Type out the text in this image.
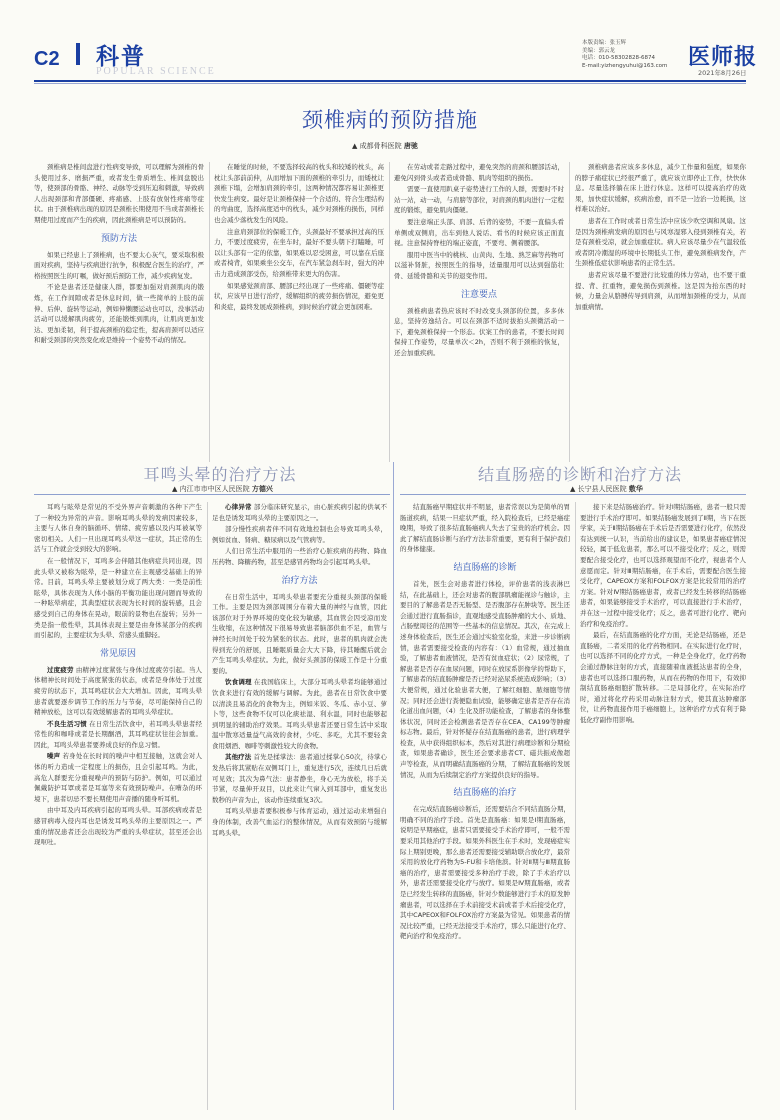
C2 科普
POPULAR SCIENCE
本版责编：张玉辉
美编：郭云龙
电话：010-58302828-6874
E-mail:yizhengyuhui@163.com 医师报
2021年8月26日
颈椎病的预防措施
▲ 成都骨科医院 唐驰

颈椎病是椎间盘进行性病变导致，可以理解为颈椎的骨头使用过多、磨损严重，或者发生骨质增生、椎间盘脱出等，使颈部的骨骼、神经、动脉等受到压迫和刺激，导致病人出现颈部和背部僵硬、疼痛感、上肢有放射性疼痛等症状。由于颈椎病出现的原因是颈椎长期使用不当或者颈椎长期使用过度而产生的疾病，因此颈椎病是可以预防的。

预防方法

如果已经患上了颈椎病，也不要太心灰气，要采取积极面对疾病，坚持与疾病进行抗争，积极配合医生的治疗，严格按照医生的叮嘱，做好预后预防工作，减少疾病复发。

不论是患者还是健康人群，都要加强对肩颈肌肉的锻炼，在工作间隙或者是休息时间，做一些简单的上肢的前伸、后伸、旋转等运动，例如伸懒腰运动也可以，没事活动活动可以缓解肌肉疲劳，还能锻炼到肌肉，让肌肉更加发达、更加柔韧，利于提高颈椎的稳定性，提高肩颈可以适应和耐受颈部的突然变化或是维持一个姿势不动的情况。

在睡觉的时候，不要选择较高的枕头和较矮的枕头，高枕让头部前前伸，从而增加下面的颈椎的牵引力，而矮枕让颈椎下塌，会增加肩颈的牵引，这两种情况都容易让颈椎更快发生病变。最好是让颈椎保持一个合适的、符合生理结构的弯曲度，选择高度适中的枕头，减少对颈椎的损伤，同样也会减少落枕发生的风险。

注意肩颈部位的保暖工作，头颈最好不要承担过高的压力，不要过度疲劳，在坐车时，最好不要头朝下打瞌睡，可以让头部有一定的依靠，如果难以忍受困意，可以靠在后座或者椅背，如果乘坐公交车，在汽车紧急刹车时，强大的冲击力造成颈部受伤，给颈椎带来更大的伤害。

如果感觉颈肩部、腰部已经出现了一些疼痛、僵硬等症状，应该早日进行治疗，缓解组织的疲劳损伤情况，避免更和炎症，最终发展成颈椎病，到时候治疗就会更加困难。

在劳动或者走路过程中，避免突然的肩颈和腰部活动，避免闪到骨头或者造成骨骼、肌肉等组织的损伤。

需要一直使用趴桌子姿势进行工作的人群，需要时不时站一站，动一动，与肩膀等部位，对肩颈的肌肉进行一定程度的锻炼，避免肌肉僵硬。

要注意端正头部、肩部、后背的姿势，不要一直偏头看单侧或双侧肩，出车到他人说话、看书的时候应该正面直视。注意保持脊柱的端正姿直，不要弯、侧着腰部。

服用中医当中的桃核、山黄肉、生地、熟芝麻等药物可以滋补肾脏，按照医生的指导，适量服用可以达到强筋壮骨、延缓骨骼和关节的退变作用。

注意要点

颈椎病患者热应该时不时改变头颈部的位置，多多休息，坚持劳逸结合。可以在颈部不适时拔拍头颈微活动一下，避免颈椎保持一个形态。伏案工作的患者，不要长时间保持工作姿势，尽量单次＜2h，否则不利于颈椎的恢复，还会加重疾病。

颈椎病患者应该多多休息，减少工作量和强度，如果你的脖子痛症状已经很严重了，就应该立即停止工作，快快休息。尽量选择躺在床上进行休息。这样可以提高治疗的效果，加快症状缓解，疾病治愈，而不是一边治一边耗损，这样难以治好。

患者在工作时或者日常生活中应该少吹空调和风扇。这是因为颈椎病发病的原因也与风寒湿邪入侵到颈椎有关，若是有颈椎受凉，就会加重症状。病人应该尽量少在气温较低或者阴冷潮湿的环境中长期低头工作，避免颈椎病发作，产生颈椎低症状影响患者的正常生活。

患者应该尽量不要进行比较重的体力劳动，也不要干重提、背、扛重物，避免损伤到颈椎。这是因为抬东西的时候，力量会从胳膊传导到肩颈，从而增加颈椎的受力，从而加重病情。

耳鸣头晕的治疗方法
▲ 内江市市中区人民医院 方德兴

耳鸣与眩晕是常见的不受外界声音刺激的各种下产生了一种较为异常的声音。影响耳鸣头晕的发病因素较多，主要与人体自身的脑循环、情绪、疲劳感以及内耳被氧等密切相关。人们一旦出现耳鸣头晕这一症状，其正常的生活与工作就会受到较大的影响。

在一般情况下，耳鸣多会伴随其他病症共同出现，因此头晕又被称为眩晕，是一种建立在主观感受基础上的异常。目前，耳鸣头晕主要被划分成了两大类：一类是前性眩晕，具体表现为人体小脑的平衡功能出现问题而导致的一种眩晕病症，其典型症状表现为长时间的旋转感，且会感受到自己的身体在晃动，眼前的景物也在旋转；另外一类是指一般性晕，其具体表现主要是由身体某部分的疾病而引起的，主要症状为头晕、常感头重脚轻。

常见原因

过度疲劳 由精神过度紧张与身体过度疲劳引起。当人体精神长时间处于高度紧张的状态，或者是身体处于过度疲劳的状态下，其耳鸣症状会大大增加。因此，耳鸣头晕患者就要逐步调节工作的压力与节奏，尽可能保持自己的精神放松，这可以有效缓解患者的耳鸣头晕症状。

不良生活习惯 在日常生活饮食中，若耳鸣头晕患者经常性的和咖啡或者是长期酗酒，其耳鸣症状往往会加重。因此，耳鸣头晕患者要养成良好的作息习惯。

噪声 若身处在长时间的噪声中相互接触，这就会对人体的听力造成一定程度上的损伤，且会引起耳鸣。为此，高危人群要充分重视噪声的预防与防护。例如，可以通过佩戴防护耳罩或者是耳塞等来有效预防噪声。在嘈杂的环境下，患者切忌不要长期使用声音播的随身听耳机。

由中耳及内耳疾病引起的耳鸣头晕。耳部疾病或者是感冒病毒入侵内耳也是诱发耳鸣头晕的主要原因之一。严重的情况患者还会出现较为严重的头晕症状，甚至还会出现呕吐。

心律异常 部分临床研究显示，由心脏疾病引起的供氧不足也是诱发耳鸣头晕的主要原因之一。

部分慢性疾病者伴不同有效地控制也会导致耳鸣头晕，例如贫血、肾病、糖尿病以及气管病等。

人们日常生活中服用的一些治疗心脏疾病的药物、降血压药物、降糖药物，甚至是感冒药物均会引起耳鸣头晕。

治疗方法

在日常生活中，耳鸣头晕患者要充分重视头颈部的保暖工作。主要是因为颈部周围分布着大量的神经与血管，因此该部位对于外界环境的变化较为敏感，其血管会因受凉而发生收缩，在这种情况下很易导致患者脑部供血不足，血管与神经长时间处于较为紧张的状态。此时，患者的肌肉就会洗得到充分的舒展，且睡眠质量会大大下降，待其睡醒后就会产生耳鸣头晕症状。为此，做好头颈部的保暖工作是十分重要的。

饮食调理 在我国临床上，大部分耳鸣头晕者均能够通过饮食来进行有效的缓解与调解。为此，患者在日常饮食中要以清淡且易消化的食物为主，例如米饭、冬瓜、赤小豆、萝卜等，这些食物不仅可以化痰祛湿、利水温，同时也能够起到明显的辅助治疗效果。耳鸣头晕患者还要日常生活中采取温中散寒适量益气高效的食材，少吃、多吃，尤其不要轻贪食用烟酒、咖啡等刺激性较大的食物。

其他疗法 首先是揉掌法：患者通过揉掌心50次，待掌心发热后将其紧贴在双侧耳门上，重复进行5次，连续几日后就可见效；其次为鼻气法：患者静坐，身心无为放松，将手关节紧，尽量伸开双目，以此来让气窜入到耳部中，重复发出数秒的声音为止，该动作连续重复3次。

耳鸣头晕患者要积极参与体育运动，通过运动来增强自身的体制，改善气血运行的整体情况，从而有效预防与缓解耳鸣头晕。

结直肠癌的诊断和治疗方法
▲ 长宁县人民医院 敷华

结直肠癌早期症状并不明显，患者常误以为是简单的胃肠道疾病，结果一旦症状严重，经入院检查后，已经是癌症晚期，导致了很多结直肠癌病人失去了宝贵的治疗机会。因此了解结直肠诊断与治疗方法非常重要，更有利于保护我们的身体健康。

结直肠癌的诊断

首先，医生会对患者进行体检，评价患者的浅表淋巴结，在此基础上，还会对患者的腹部肌瘤能视诊与触诊，主要目的了解患者是否无肠型、是否腹部存在肿块等。医生还会通过进行直肠指诊，直观地感受直肠肿瘤的大小、质地、占肠壁周径的范围等一些基本的信息情况。其次，在完成上述身体检查后，医生还会通过实验室化验，来进一步诊断病情，患者需要接受检查的内容有：（1）血常规，通过抽血验，了解患者血液情况，是否有贫血症状；（2）尿常规，了解患者是否存在血尿问题，同时在放尿系影像学的帮助下，了解患者的结直肠肿瘤是否已经对泌尿系统造成影响；（3）大便常规，通过化验患者大便，了解红细胞、脓细胞等情况；同时还会进行粪便隐血试验，能够确定患者是否存在消化道出血问题，（4）生化及肝功能检查，了解患者的身体整体状况，同时还会检测患者是否存在CEA、CA199等肿瘤标志物。最后，针对怀疑存在结直肠癌的患者，进行病理学检查，从中获得组织标本，然后对其进行病理诊断和分期检查，如果患者确诊，医生还会要求患者CT、磁共振成像超声等检查，从而明确结直肠癌的分期，了解结直肠癌的发展情况，从而为后续制定治疗方案提供良好的指导。

结直肠癌的治疗

在完成结直肠癌诊断后，还需要结合不同结直肠分期，明确不同的治疗手段。首先是直肠癌：如果是Ⅰ期直肠癌，说明是早期癌症，患者只需要接受手术治疗即可，一般不需要采用其他治疗手段。如果外科医生在手术时，发现癌症实际上期别更晚，那么患者还需要接受辅助联合放化疗，最常采用的放化疗药物为5-FU和卡培他滨。针对Ⅱ期与Ⅲ期直肠癌的治疗，患者需要接受多种治疗手段，除了手术治疗以外，患者还需要接受化疗与放疗。如果是Ⅳ期直肠癌，或者是已经发生转移的直肠癌，针对少数能够进行手术的原发肿瘤患者，可以选择在手术前接受术前或者手术后接受化疗，其中CAPEOX和FOLFOX治疗方案最为常见。如果患者的情况比较严重，已经无法接受手术治疗，那么只能进行化疗、靶向治疗和免疫治疗。

接下来是结肠癌治疗。针对Ⅰ期结肠癌，患者一般只需要进行手术治疗即可。如果结肠癌发展到了Ⅱ期，当下在医学家，关于Ⅱ期结肠癌在手术后是否需要进行化疗，依然没有达到统一认识，当前给出的建议是，如果患者癌症情况较轻，属于低危患者，那么可以不接受化疗；反之，则需要配合接受化疗，也可以选择观望而不化疗，视患者个人意愿而定。针对Ⅲ期结肠癌，在手术后，需要配合医生接受化疗，CAPEOX方案和FOLFOX方案是比较常用的治疗方案。针对Ⅳ期结肠癌患者，或者已经发生转移的结肠癌患者，如果能够接受手术治疗，可以直接进行手术治疗，并在这一过程中接受化疗；反之，患者可进行化疗、靶向治疗和免疫治疗。

最后，在结直肠癌的化疗方面，无论是结肠癌，还是直肠癌，二者采用的化疗药物相同。在实际进行化疗时，也可以选择不同的化疗方式，一种是全身化疗，化疗药物会通过静脉注射的方式，直接随着血液抵达患者的全身，患者也可以选择口服药物，从而在药物的作用下，有效抑制结直肠癌细胞扩散转移。二是局部化疗，在实际治疗时，通过将化疗药采用动脉注射方式，使其直达肿瘤部位，让药物直接作用于癌细胞上，这种治疗方式有利于降低化疗副作用影响。
